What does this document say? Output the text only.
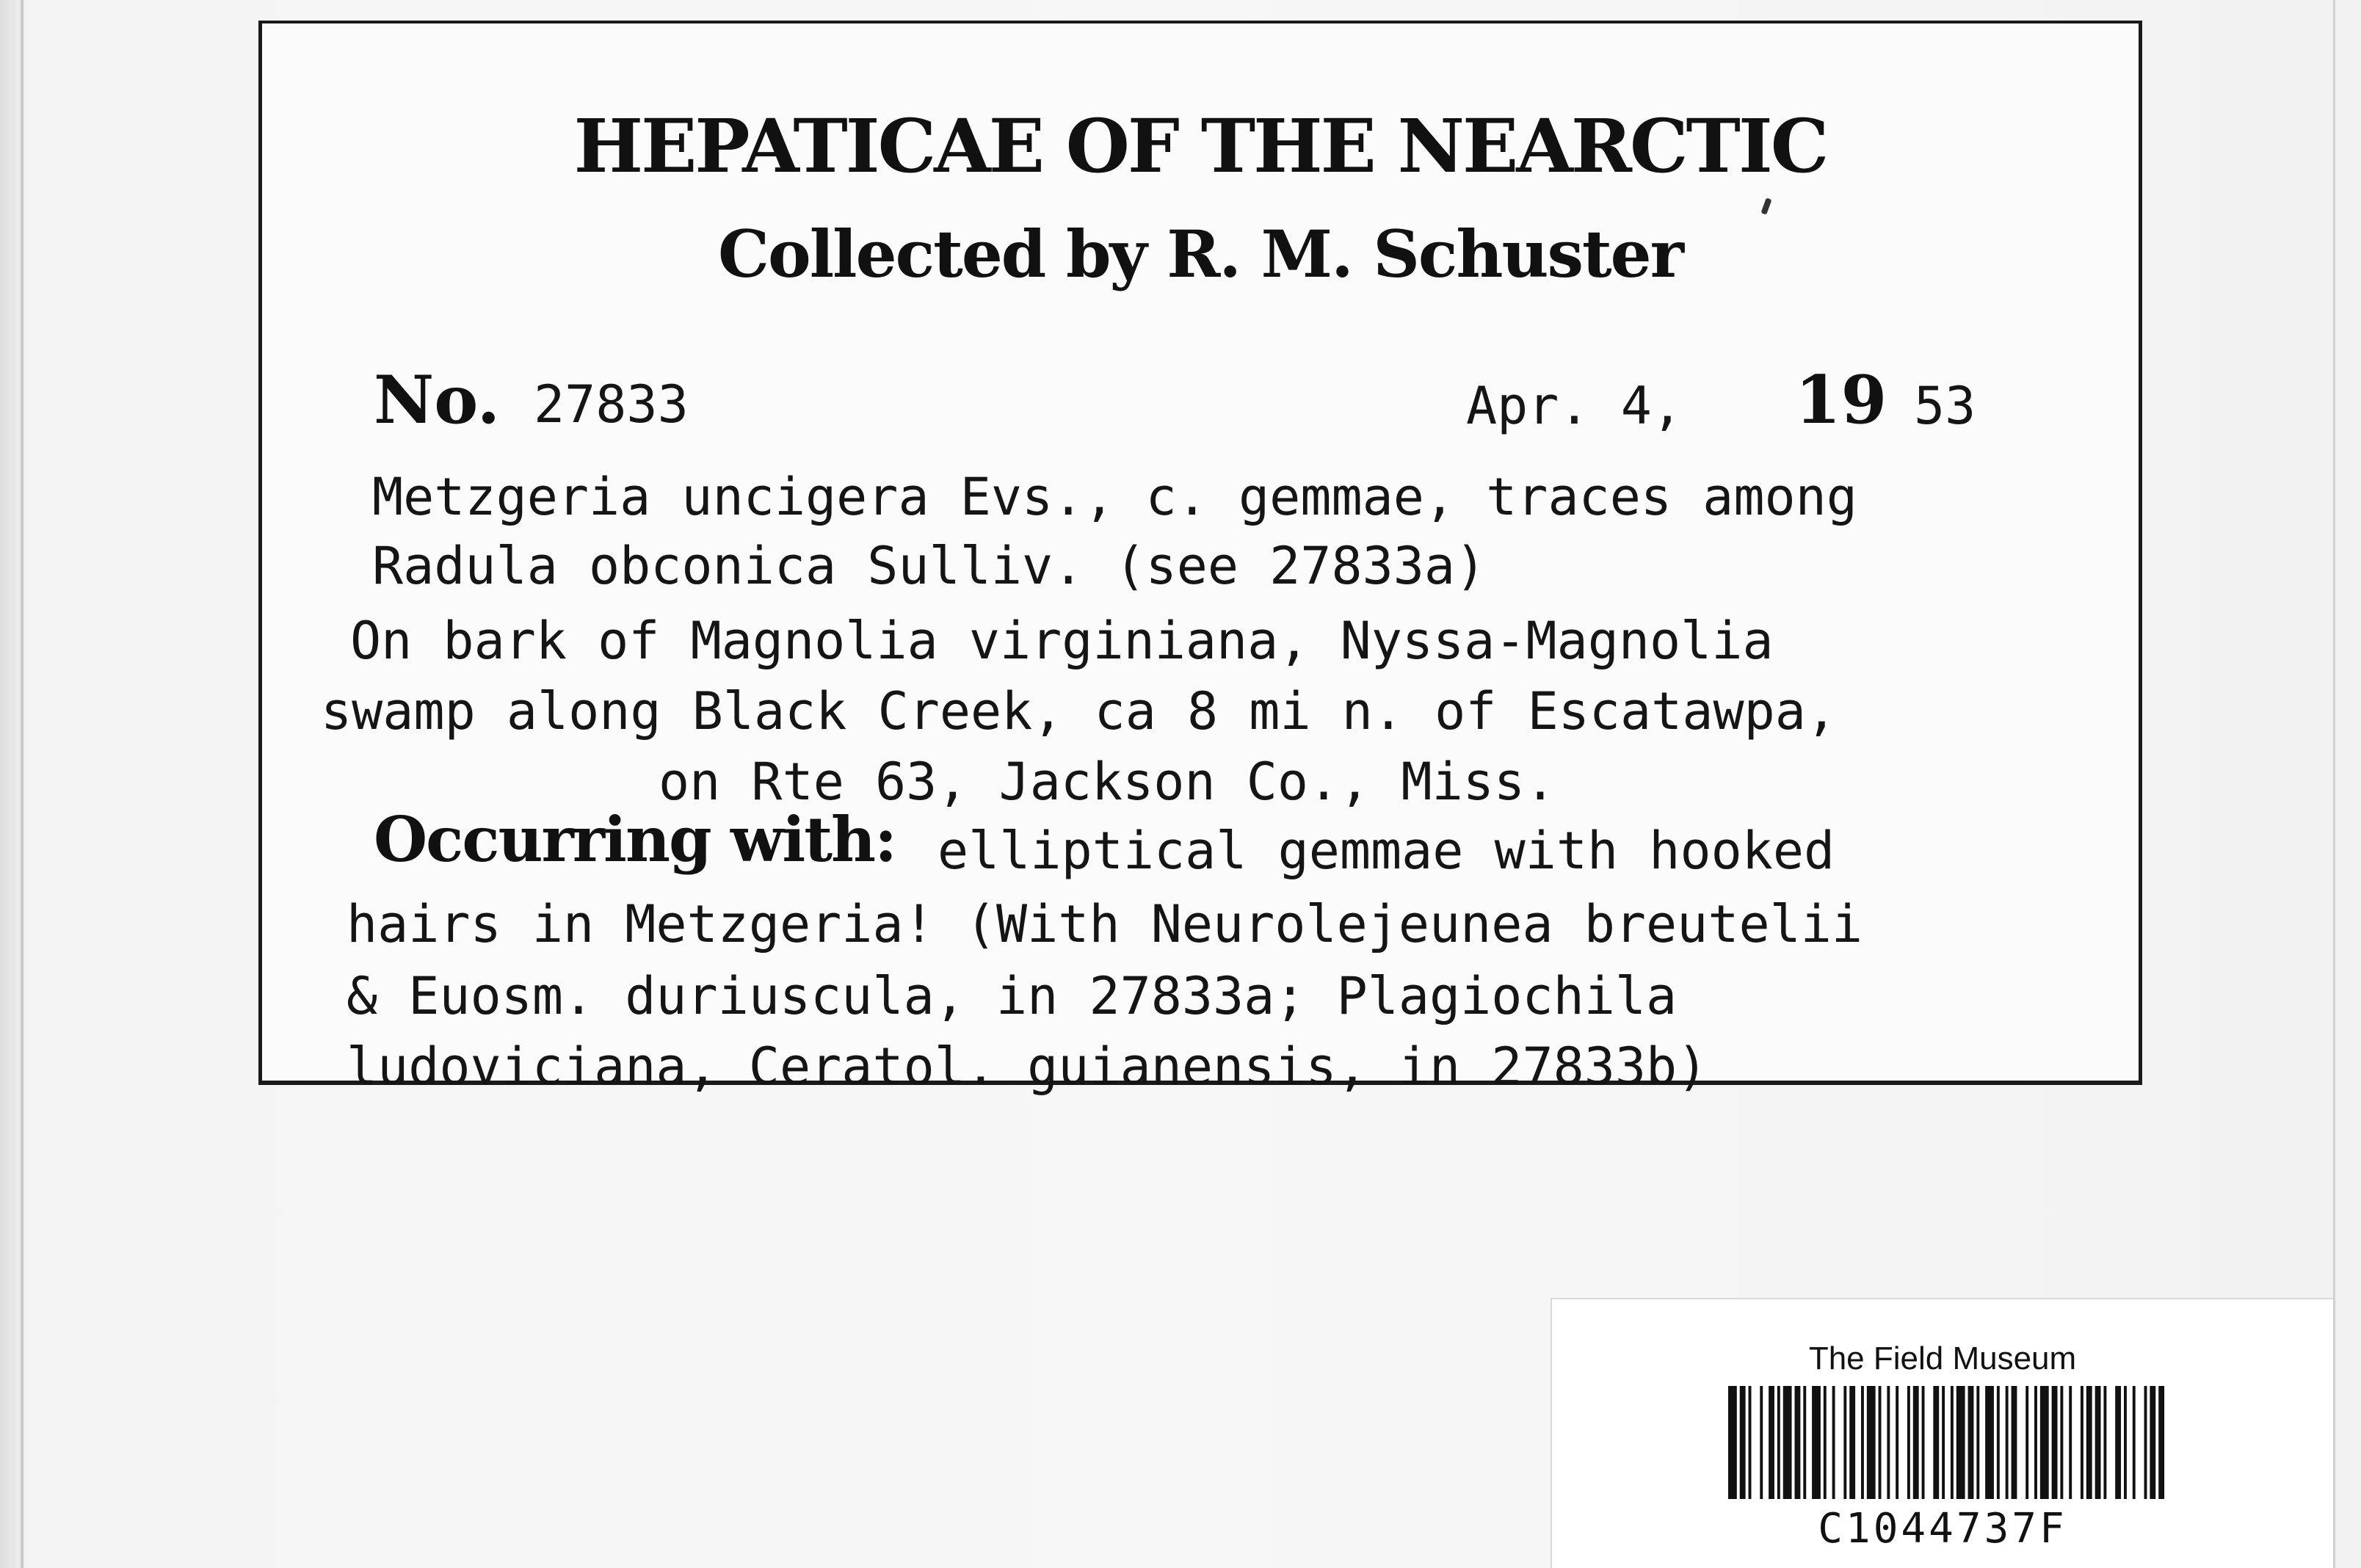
HEPATICAE OF THE NEARCTIC
Collected by R. M. Schuster
No. 27833	Apr. 4, 19 53
Metzgeria uncigera Evs., c. gemmae, traces among
Radula obconica Sulliv. (see 27833a)
On bark of Magnolia virginiana, Nyssa-Magnolia
swamp along Black Creek, ca 8 mi n. of Escatawpa,
on Rte 63, Jackson Co., Miss.
Occurring with: elliptical gemmae with hooked
hairs in Metzgeria! (With Neurolejeunea breutelii
& Euosm. duriuscula, in 27833a; Plagiochila
ludoviciana, Ceratol. guianensis, in 27833b)
The Field Museum
C1044737F
